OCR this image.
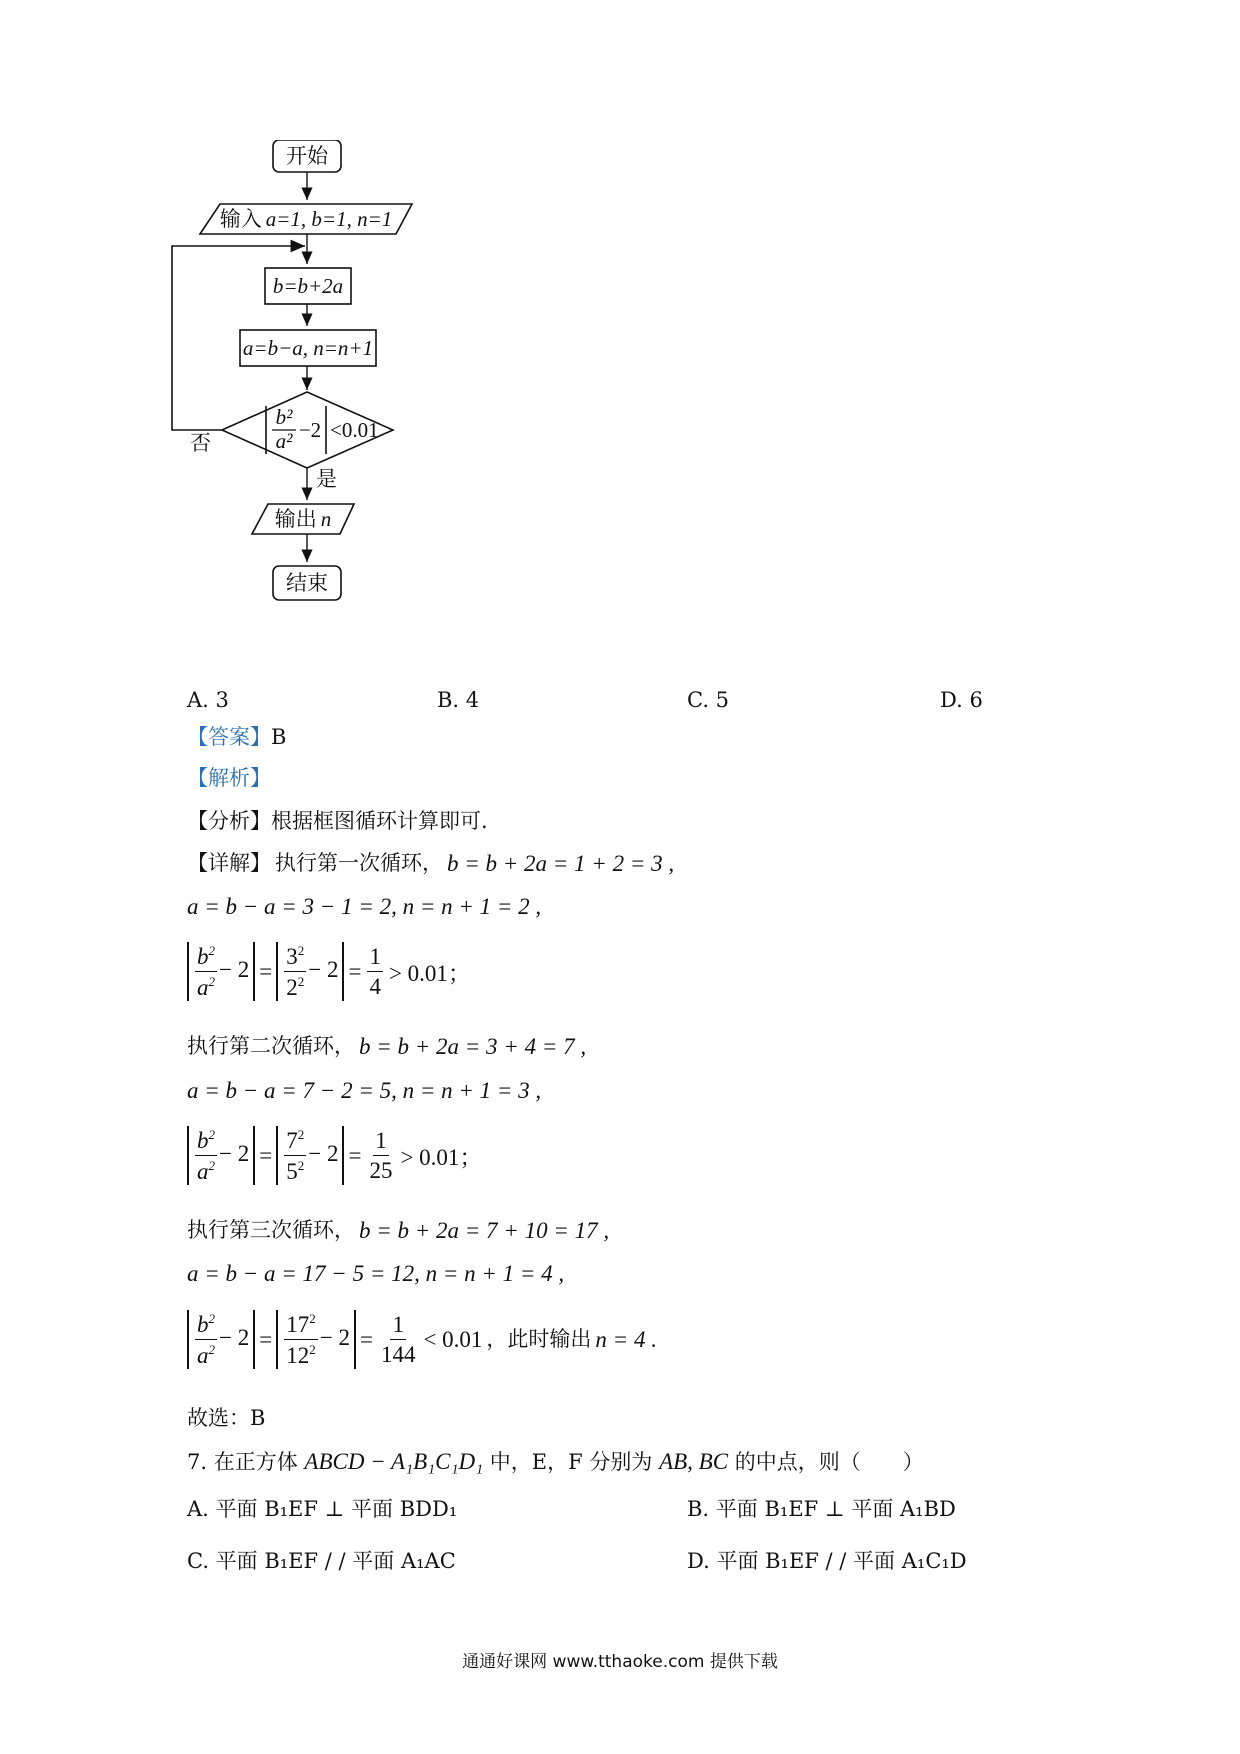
开始
输入 a=1, b=1, n=1
b=b+2a
a=b−a, n=n+1
b²
a² −2 <0.01
否
是
输出 n
结束
A. 3	B. 4	C. 5	D. 6
【答案】B
【解析】
【分析】根据框图循环计算即可.
【详解】 执行第一次循环， b = b + 2a = 1 + 2 = 3 ,
a = b − a = 3 − 1 = 2, n = n + 1 = 2 ,
$\frac{b^2}{a^2} - 2 = \frac{3^2}{2^2} - 2 = \frac{1}{4} > 0.01$；
执行第二次循环， b = b + 2a = 3 + 4 = 7 ,
a = b − a = 7 − 2 = 5, n = n + 1 = 3 ,
$\frac{b^2}{a^2} - 2 = \frac{7^2}{5^2} - 2 = \frac{1}{25} > 0.01$；
执行第三次循环， b = b + 2a = 7 + 10 = 17 ,
a = b − a = 17 − 5 = 12, n = n + 1 = 4 ,
$\frac{b^2}{a^2} - 2 = \frac{17^2}{12^2} - 2 = \frac{1}{144} < 0.01$ ，此时输出 n = 4 .
故选：B
7. 在正方体 ABCD − A₁B₁C₁D₁ 中，E，F 分别为 AB, BC 的中点，则（　　）
A. 平面 B₁EF ⊥ 平面 BDD₁	B. 平面 B₁EF ⊥ 平面 A₁BD
C. 平面 B₁EF / / 平面 A₁AC	D. 平面 B₁EF / / 平面 A₁C₁D
通通好课网 www.tthaoke.com 提供下载
